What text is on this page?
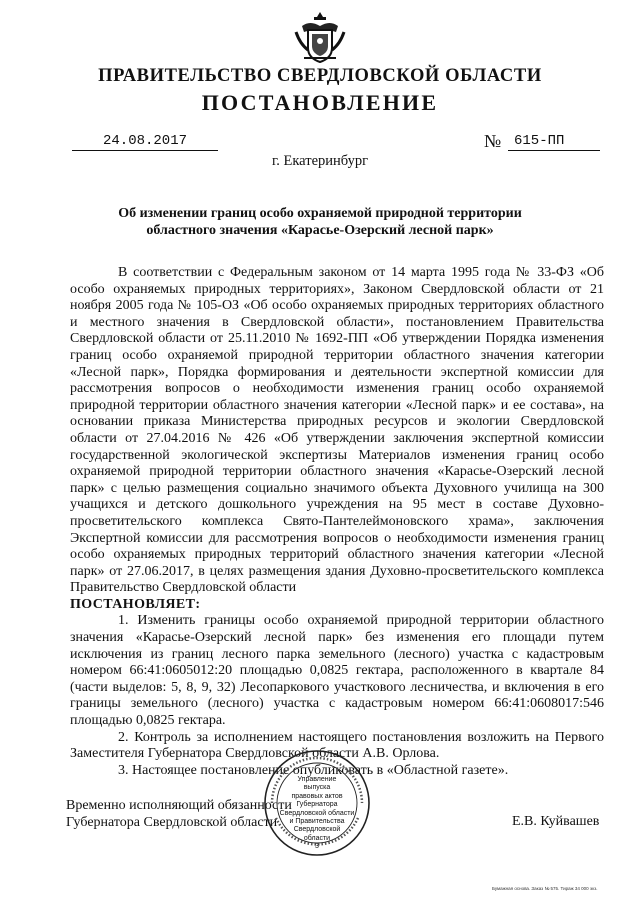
ПРАВИТЕЛЬСТВО СВЕРДЛОВСКОЙ ОБЛАСТИ
ПОСТАНОВЛЕНИЕ
24.08.2017	№ 615-ПП
г. Екатеринбург
Об изменении границ особо охраняемой природной территории областного значения «Карасье-Озерский лесной парк»

В соответствии с Федеральным законом от 14 марта 1995 года № 33-ФЗ «Об особо охраняемых природных территориях», Законом Свердловской области от 21 ноября 2005 года № 105-ОЗ «Об особо охраняемых природных территориях областного и местного значения в Свердловской области», постановлением Правительства Свердловской области от 25.11.2010 № 1692-ПП «Об утверждении Порядка изменения границ особо охраняемой природной территории областного значения категории «Лесной парк», Порядка формирования и деятельности экспертной комиссии для рассмотрения вопросов о необходимости изменения границ особо охраняемой природной территории областного значения категории «Лесной парк» и ее состава», на основании приказа Министерства природных ресурсов и экологии Свердловской области от 27.04.2016 № 426 «Об утверждении заключения экспертной комиссии государственной экологической экспертизы Материалов изменения границ особо охраняемой природной территории областного значения «Карасье-Озерский лесной парк» с целью размещения социально значимого объекта Духовного училища на 300 учащихся и детского дошкольного учреждения на 95 мест в составе Духовно-просветительского комплекса Свято-Пантелеймоновского храма», заключения Экспертной комиссии для рассмотрения вопросов о необходимости изменения границ особо охраняемых природных территорий областного значения категории «Лесной парк» от 27.06.2017, в целях размещения здания Духовно-просветительского комплекса Правительство Свердловской области

ПОСТАНОВЛЯЕТ:

1. Изменить границы особо охраняемой природной территории областного значения «Карасье-Озерский лесной парк» без изменения его площади путем исключения из границ лесного парка земельного (лесного) участка с кадастровым номером 66:41:0605012:20 площадью 0,0825 гектара, расположенного в квартале 84 (части выделов: 5, 8, 9, 32) Лесопаркового участкового лесничества, и включения в его границы земельного (лесного) участка с кадастровым номером 66:41:0608017:546 площадью 0,0825 гектара.

2. Контроль за исполнением настоящего постановления возложить на Первого Заместителя Губернатора Свердловской области А.В. Орлова.

3. Настоящее постановление опубликовать в «Областной газете».

Временно исполняющий обязанности
Губернатора Свердловской области	Е.В. Куйвашев
Управление
выпуска
правовых актов
Губернатора
Свердловской области
и Правительства
Свердловской
области
3
Бумажная основа. Заказ № 575. Тираж 34 000 экз.
